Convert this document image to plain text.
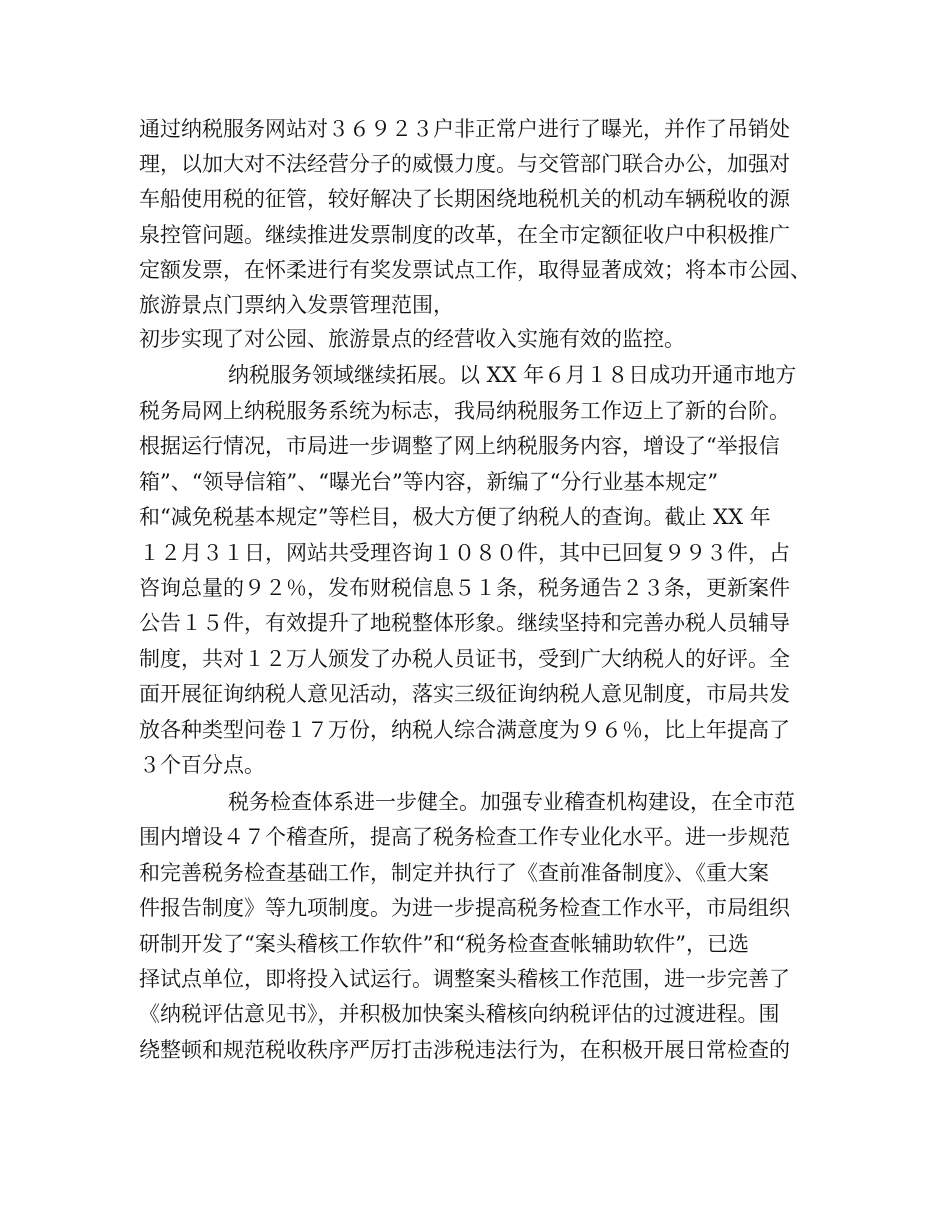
通过纳税服务网站对３６９２３户非正常户进行了曝光，并作了吊销处
理，以加大对不法经营分子的威慑力度。与交管部门联合办公，加强对
车船使用税的征管，较好解决了长期困绕地税机关的机动车辆税收的源
泉控管问题。继续推进发票制度的改革，在全市定额征收户中积极推广
定额发票，在怀柔进行有奖发票试点工作，取得显著成效；将本市公园、
旅游景点门票纳入发票管理范围，
初步实现了对公园、旅游景点的经营收入实施有效的监控。
纳税服务领域继续拓展。以 XX 年６月１８日成功开通市地方
税务局网上纳税服务系统为标志，我局纳税服务工作迈上了新的台阶。
根据运行情况，市局进一步调整了网上纳税服务内容，增设了“举报信
箱”、“领导信箱”、“曝光台”等内容，新编了“分行业基本规定”
和“减免税基本规定”等栏目，极大方便了纳税人的查询。截止 XX 年
１２月３１日，网站共受理咨询１０８０件，其中已回复９９３件，占
咨询总量的９２％，发布财税信息５１条，税务通告２３条，更新案件
公告１５件，有效提升了地税整体形象。继续坚持和完善办税人员辅导
制度，共对１２万人颁发了办税人员证书，受到广大纳税人的好评。全
面开展征询纳税人意见活动，落实三级征询纳税人意见制度，市局共发
放各种类型问卷１７万份，纳税人综合满意度为９６％，比上年提高了
３个百分点。
税务检查体系进一步健全。加强专业稽查机构建设，在全市范
围内增设４７个稽查所，提高了税务检查工作专业化水平。进一步规范
和完善税务检查基础工作，制定并执行了《查前准备制度》、《重大案
件报告制度》等九项制度。为进一步提高税务检查工作水平，市局组织
研制开发了“案头稽核工作软件”和“税务检查查帐辅助软件”，已选
择试点单位，即将投入试运行。调整案头稽核工作范围，进一步完善了
《纳税评估意见书》，并积极加快案头稽核向纳税评估的过渡进程。围
绕整顿和规范税收秩序严厉打击涉税违法行为，在积极开展日常检查的
